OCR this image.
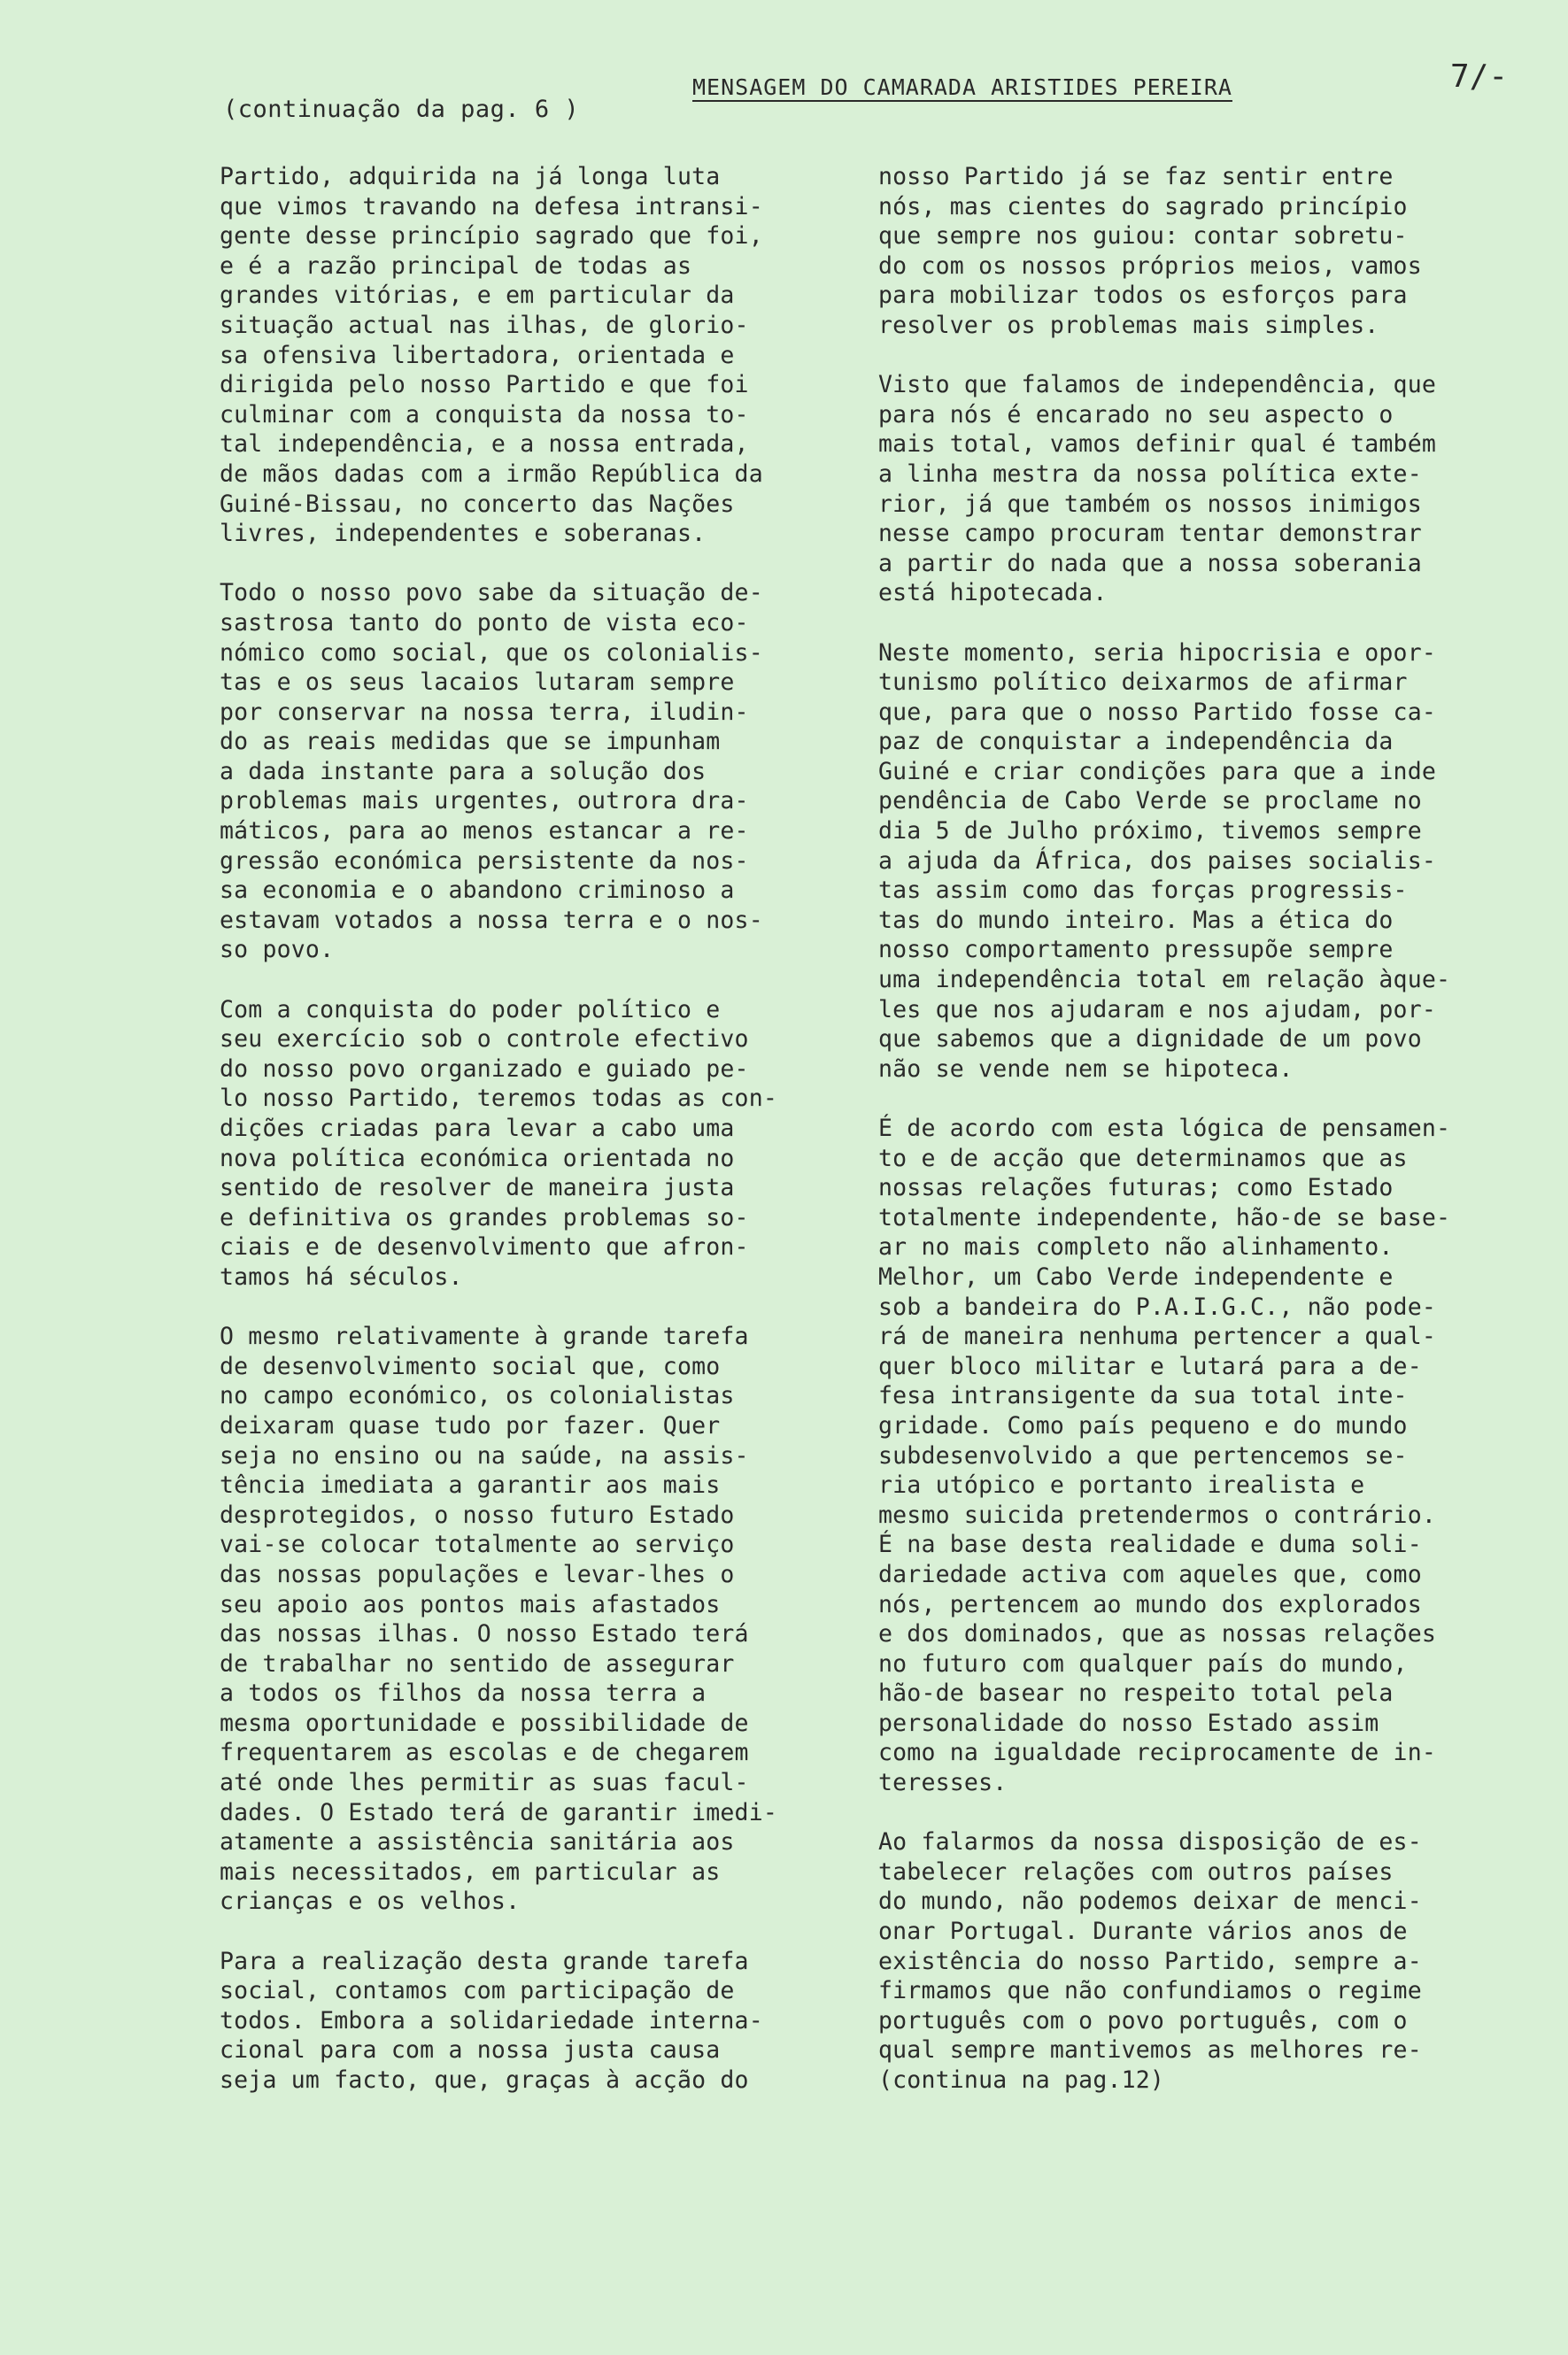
(continuação da pag. 6 )
MENSAGEM DO CAMARADA ARISTIDES PEREIRA	7/-

Partido, adquirida na já longa luta
que vimos travando na defesa intransi-
gente desse princípio sagrado que foi,
e é a razão principal de todas as
grandes vitórias, e em particular da
situação actual nas ilhas, de glorio-
sa ofensiva libertadora, orientada e
dirigida pelo nosso Partido e que foi
culminar com a conquista da nossa to-
tal independência, e a nossa entrada,
de mãos dadas com a irmão República da
Guiné-Bissau, no concerto das Nações
livres, independentes e soberanas.

Todo o nosso povo sabe da situação de-
sastrosa tanto do ponto de vista eco-
nómico como social, que os colonialis-
tas e os seus lacaios lutaram sempre
por conservar na nossa terra, iludin-
do as reais medidas que se impunham
a dada instante para a solução dos
problemas mais urgentes, outrora dra-
máticos, para ao menos estancar a re-
gressão económica persistente da nos-
sa economia e o abandono criminoso a
estavam votados a nossa terra e o nos-
so povo.

Com a conquista do poder político e
seu exercício sob o controle efectivo
do nosso povo organizado e guiado pe-
lo nosso Partido, teremos todas as con-
dições criadas para levar a cabo uma
nova política económica orientada no
sentido de resolver de maneira justa
e definitiva os grandes problemas so-
ciais e de desenvolvimento que afron-
tamos há séculos.

O mesmo relativamente à grande tarefa
de desenvolvimento social que, como
no campo económico, os colonialistas
deixaram quase tudo por fazer. Quer
seja no ensino ou na saúde, na assis-
tência imediata a garantir aos mais
desprotegidos, o nosso futuro Estado
vai-se colocar totalmente ao serviço
das nossas populações e levar-lhes o
seu apoio aos pontos mais afastados
das nossas ilhas. O nosso Estado terá
de trabalhar no sentido de assegurar
a todos os filhos da nossa terra a
mesma oportunidade e possibilidade de
frequentarem as escolas e de chegarem
até onde lhes permitir as suas facul-
dades. O Estado terá de garantir imedi-
atamente a assistência sanitária aos
mais necessitados, em particular as
crianças e os velhos.

Para a realização desta grande tarefa
social, contamos com participação de
todos. Embora a solidariedade interna-
cional para com a nossa justa causa
seja um facto, que, graças à acção do

nosso Partido já se faz sentir entre
nós, mas cientes do sagrado princípio
que sempre nos guiou: contar sobretu-
do com os nossos próprios meios, vamos
para mobilizar todos os esforços para
resolver os problemas mais simples.

Visto que falamos de independência, que
para nós é encarado no seu aspecto o
mais total, vamos definir qual é também
a linha mestra da nossa política exte-
rior, já que também os nossos inimigos
nesse campo procuram tentar demonstrar
a partir do nada que a nossa soberania
está hipotecada.

Neste momento, seria hipocrisia e opor-
tunismo político deixarmos de afirmar
que, para que o nosso Partido fosse ca-
paz de conquistar a independência da
Guiné e criar condições para que a inde
pendência de Cabo Verde se proclame no
dia 5 de Julho próximo, tivemos sempre
a ajuda da África, dos paises socialis-
tas assim como das forças progressis-
tas do mundo inteiro. Mas a ética do
nosso comportamento pressupõe sempre
uma independência total em relação àque-
les que nos ajudaram e nos ajudam, por-
que sabemos que a dignidade de um povo
não se vende nem se hipoteca.

É de acordo com esta lógica de pensamen-
to e de acção que determinamos que as
nossas relações futuras; como Estado
totalmente independente, hão-de se base-
ar no mais completo não alinhamento.
Melhor, um Cabo Verde independente e
sob a bandeira do P.A.I.G.C., não pode-
rá de maneira nenhuma pertencer a qual-
quer bloco militar e lutará para a de-
fesa intransigente da sua total inte-
gridade. Como país pequeno e do mundo
subdesenvolvido a que pertencemos se-
ria utópico e portanto irealista e
mesmo suicida pretendermos o contrário.
É na base desta realidade e duma soli-
dariedade activa com aqueles que, como
nós, pertencem ao mundo dos explorados
e dos dominados, que as nossas relações
no futuro com qualquer país do mundo,
hão-de basear no respeito total pela
personalidade do nosso Estado assim
como na igualdade reciprocamente de in-
teresses.

Ao falarmos da nossa disposição de es-
tabelecer relações com outros países
do mundo, não podemos deixar de menci-
onar Portugal. Durante vários anos de
existência do nosso Partido, sempre a-
firmamos que não confundiamos o regime
português com o povo português, com o
qual sempre mantivemos as melhores re-
(continua na pag.12)
